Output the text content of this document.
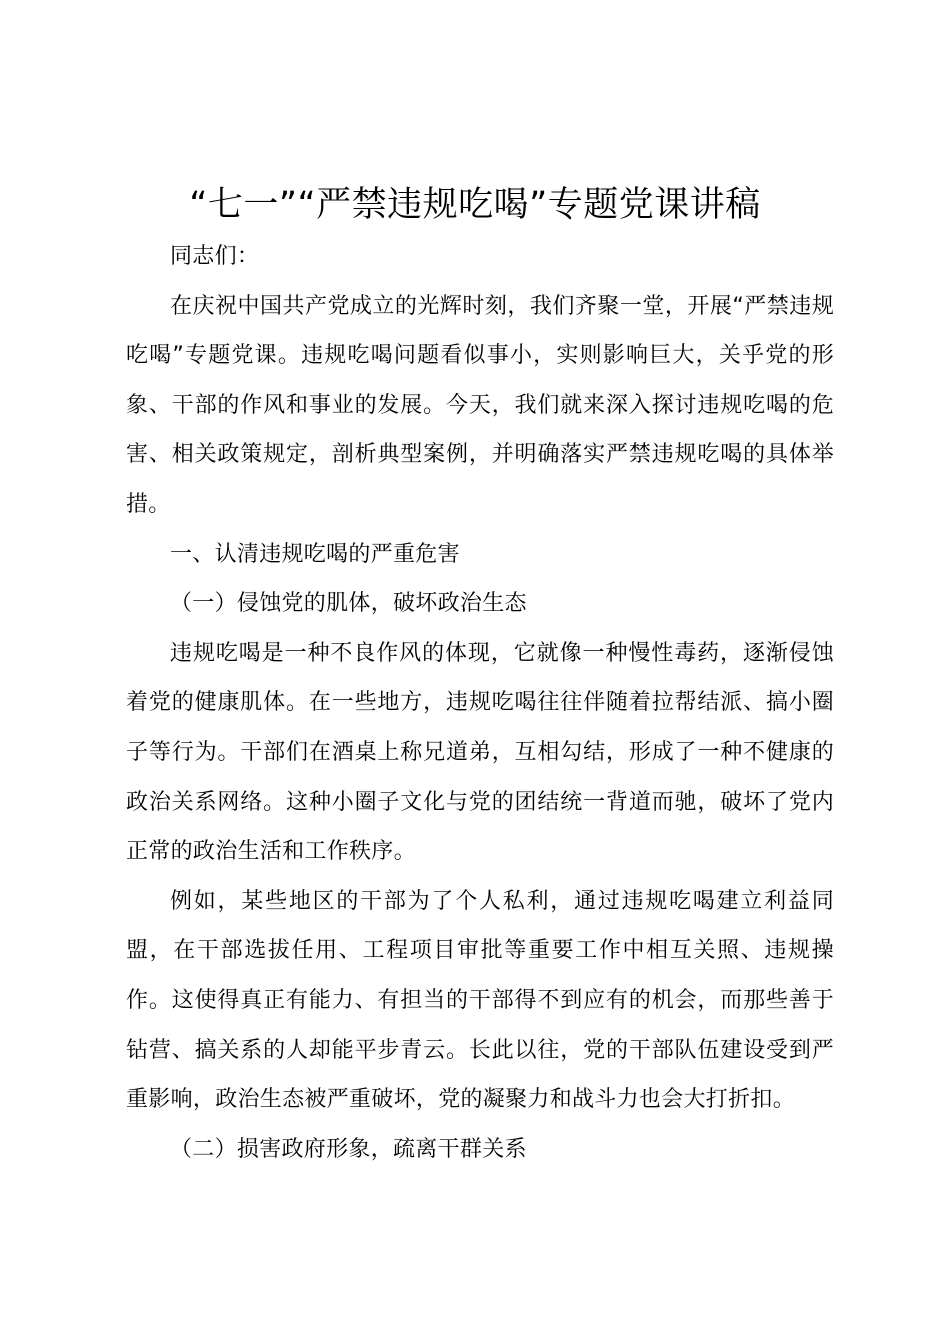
“七一”“严禁违规吃喝”专题党课讲稿

同志们：

在庆祝中国共产党成立的光辉时刻，我们齐聚一堂，开展“严禁违规吃喝”专题党课。违规吃喝问题看似事小，实则影响巨大，关乎党的形象、干部的作风和事业的发展。今天，我们就来深入探讨违规吃喝的危害、相关政策规定，剖析典型案例，并明确落实严禁违规吃喝的具体举措。

一、认清违规吃喝的严重危害

（一）侵蚀党的肌体，破坏政治生态

违规吃喝是一种不良作风的体现，它就像一种慢性毒药，逐渐侵蚀着党的健康肌体。在一些地方，违规吃喝往往伴随着拉帮结派、搞小圈子等行为。干部们在酒桌上称兄道弟，互相勾结，形成了一种不健康的政治关系网络。这种小圈子文化与党的团结统一背道而驰，破坏了党内正常的政治生活和工作秩序。

例如，某些地区的干部为了个人私利，通过违规吃喝建立利益同盟，在干部选拔任用、工程项目审批等重要工作中相互关照、违规操作。这使得真正有能力、有担当的干部得不到应有的机会，而那些善于钻营、搞关系的人却能平步青云。长此以往，党的干部队伍建设受到严重影响，政治生态被严重破坏，党的凝聚力和战斗力也会大打折扣。

（二）损害政府形象，疏离干群关系
